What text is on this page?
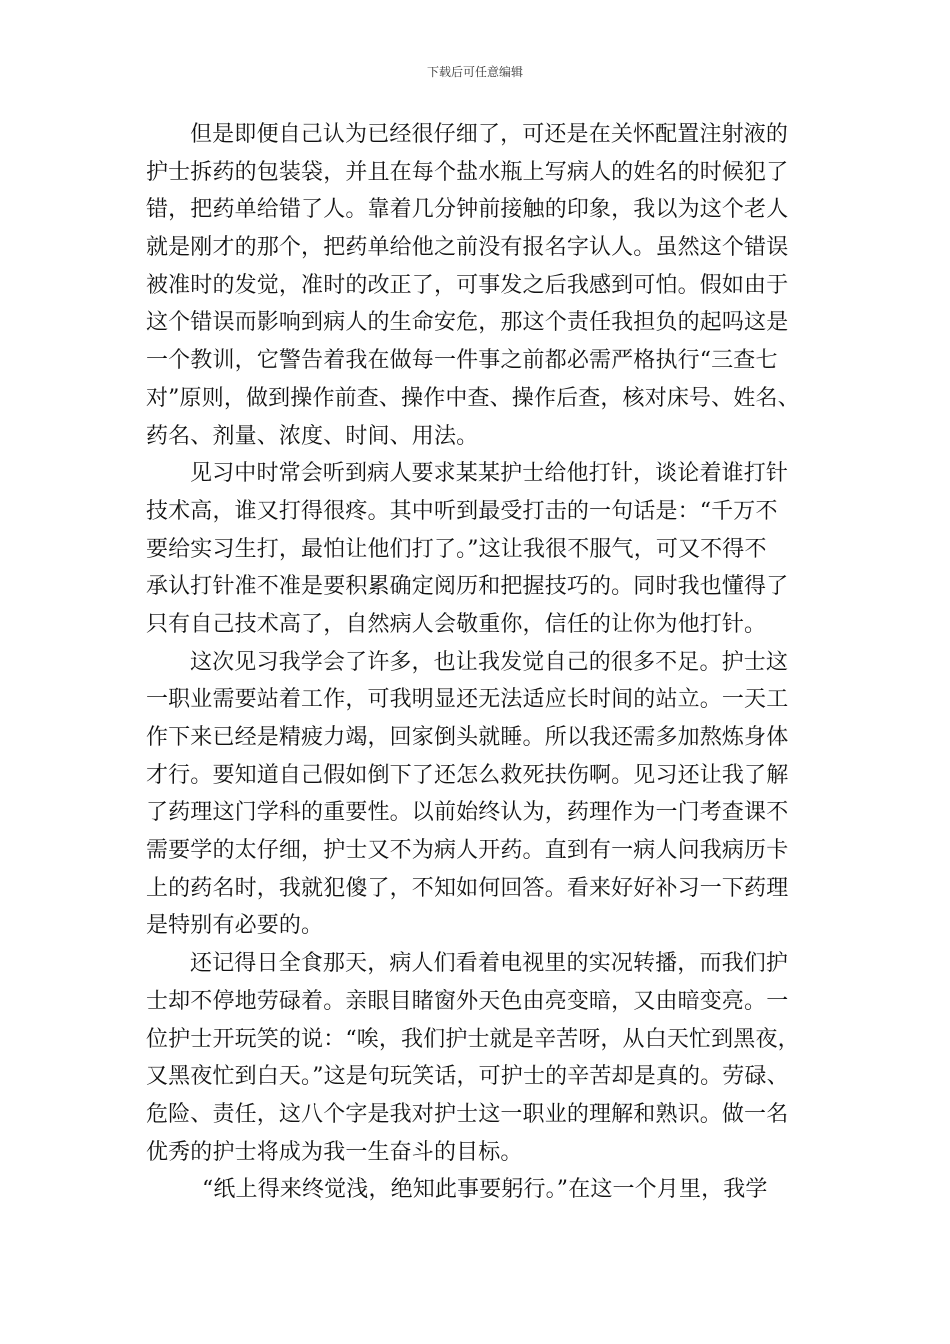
下载后可任意编辑
但是即便自己认为已经很仔细了，可还是在关怀配置注射液的
护士拆药的包装袋，并且在每个盐水瓶上写病人的姓名的时候犯了
错，把药单给错了人。靠着几分钟前接触的印象，我以为这个老人
就是刚才的那个，把药单给他之前没有报名字认人。虽然这个错误
被准时的发觉，准时的改正了，可事发之后我感到可怕。假如由于
这个错误而影响到病人的生命安危，那这个责任我担负的起吗这是
一个教训，它警告着我在做每一件事之前都必需严格执行“三查七
对”原则，做到操作前查、操作中查、操作后查，核对床号、姓名、
药名、剂量、浓度、时间、用法。
见习中时常会听到病人要求某某护士给他打针，谈论着谁打针
技术高，谁又打得很疼。其中听到最受打击的一句话是：“千万不
要给实习生打，最怕让他们打了。”这让我很不服气，可又不得不
承认打针准不准是要积累确定阅历和把握技巧的。同时我也懂得了
只有自己技术高了，自然病人会敬重你，信任的让你为他打针。
这次见习我学会了许多，也让我发觉自己的很多不足。护士这
一职业需要站着工作，可我明显还无法适应长时间的站立。一天工
作下来已经是精疲力竭，回家倒头就睡。所以我还需多加熬炼身体
才行。要知道自己假如倒下了还怎么救死扶伤啊。见习还让我了解
了药理这门学科的重要性。以前始终认为，药理作为一门考查课不
需要学的太仔细，护士又不为病人开药。直到有一病人问我病历卡
上的药名时，我就犯傻了，不知如何回答。看来好好补习一下药理
是特别有必要的。
还记得日全食那天，病人们看着电视里的实况转播，而我们护
士却不停地劳碌着。亲眼目睹窗外天色由亮变暗，又由暗变亮。一
位护士开玩笑的说：“唉，我们护士就是辛苦呀，从白天忙到黑夜，
又黑夜忙到白天。”这是句玩笑话，可护士的辛苦却是真的。劳碌、
危险、责任，这八个字是我对护士这一职业的理解和熟识。做一名
优秀的护士将成为我一生奋斗的目标。
“纸上得来终觉浅，绝知此事要躬行。”在这一个月里，我学
